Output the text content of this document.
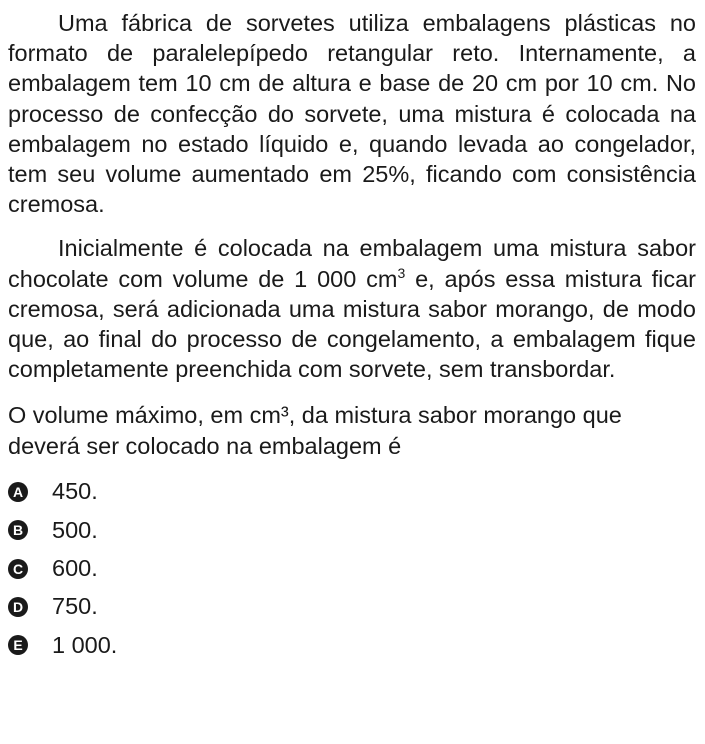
Uma fábrica de sorvetes utiliza embalagens plásticas no formato de paralelepípedo retangular reto. Internamente, a embalagem tem 10 cm de altura e base de 20 cm por 10 cm. No processo de confecção do sorvete, uma mistura é colocada na embalagem no estado líquido e, quando levada ao congelador, tem seu volume aumentado em 25%, ficando com consistência cremosa.

Inicialmente é colocada na embalagem uma mistura sabor chocolate com volume de 1 000 $cm^3$ e, após essa mistura ficar cremosa, será adicionada uma mistura sabor morango, de modo que, ao final do processo de congelamento, a embalagem fique completamente preenchida com sorvete, sem transbordar.

O volume máximo, em cm³, da mistura sabor morango que deverá ser colocado na embalagem é

A 450.
B 500.
C 600.
D 750.
E 1 000.
